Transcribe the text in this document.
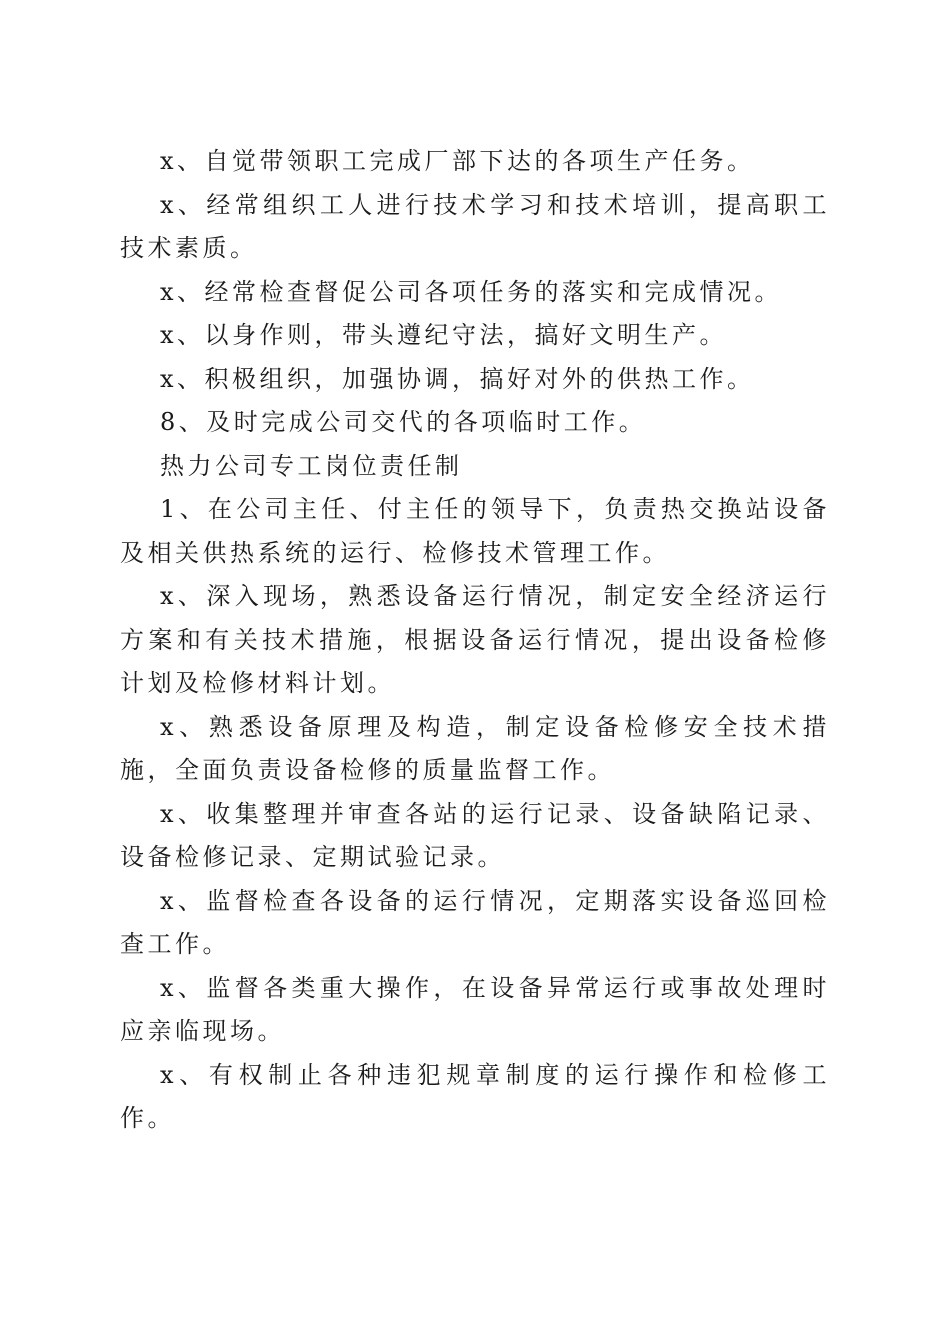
x、自觉带领职工完成厂部下达的各项生产任务。

x、经常组织工人进行技术学习和技术培训，提高职工技术素质。

x、经常检查督促公司各项任务的落实和完成情况。

x、以身作则，带头遵纪守法，搞好文明生产。

x、积极组织，加强协调，搞好对外的供热工作。

8、及时完成公司交代的各项临时工作。

热力公司专工岗位责任制

1、在公司主任、付主任的领导下，负责热交换站设备及相关供热系统的运行、检修技术管理工作。

x、深入现场，熟悉设备运行情况，制定安全经济运行方案和有关技术措施，根据设备运行情况，提出设备检修计划及检修材料计划。

x、熟悉设备原理及构造，制定设备检修安全技术措施，全面负责设备检修的质量监督工作。

x、收集整理并审查各站的运行记录、设备缺陷记录、设备检修记录、定期试验记录。

x、监督检查各设备的运行情况，定期落实设备巡回检查工作。

x、监督各类重大操作，在设备异常运行或事故处理时应亲临现场。

x、有权制止各种违犯规章制度的运行操作和检修工作。
